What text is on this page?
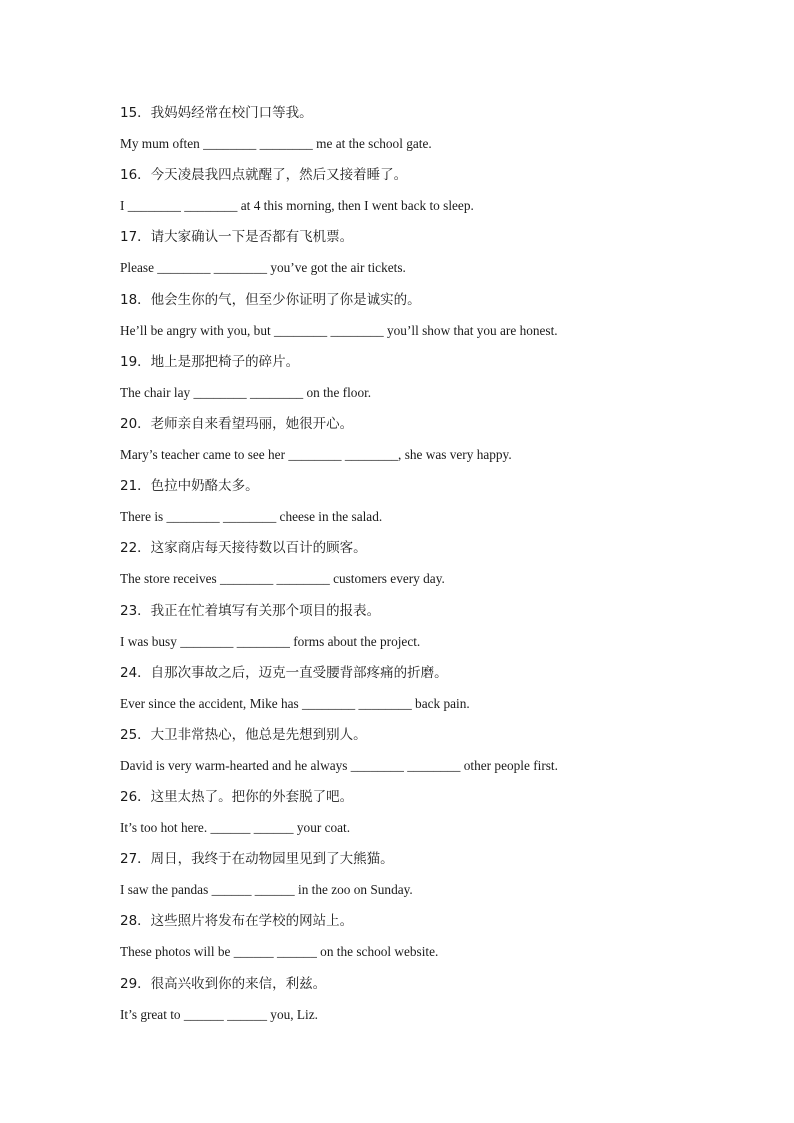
15．我妈妈经常在校门口等我。
My mum often ________ ________ me at the school gate.
16．今天凌晨我四点就醒了，然后又接着睡了。
I ________ ________ at 4 this morning, then I went back to sleep.
17．请大家确认一下是否都有飞机票。
Please ________ ________ you’ve got the air tickets.
18．他会生你的气，但至少你证明了你是诚实的。
He’ll be angry with you, but ________ ________ you’ll show that you are honest.
19．地上是那把椅子的碎片。
The chair lay ________ ________ on the floor.
20．老师亲自来看望玛丽，她很开心。
Mary’s teacher came to see her ________ ________, she was very happy.
21．色拉中奶酪太多。
There is ________ ________ cheese in the salad.
22．这家商店每天接待数以百计的顾客。
The store receives ________ ________ customers every day.
23．我正在忙着填写有关那个项目的报表。
I was busy ________ ________ forms about the project.
24．自那次事故之后，迈克一直受腰背部疼痛的折磨。
Ever since the accident, Mike has ________ ________ back pain.
25．大卫非常热心，他总是先想到别人。
David is very warm-hearted and he always ________ ________ other people first.
26．这里太热了。把你的外套脱了吧。
It’s too hot here. ______ ______ your coat.
27．周日，我终于在动物园里见到了大熊猫。
I saw the pandas ______ ______ in the zoo on Sunday.
28．这些照片将发布在学校的网站上。
These photos will be ______ ______ on the school website.
29．很高兴收到你的来信，利兹。
It’s great to ______ ______ you, Liz.
